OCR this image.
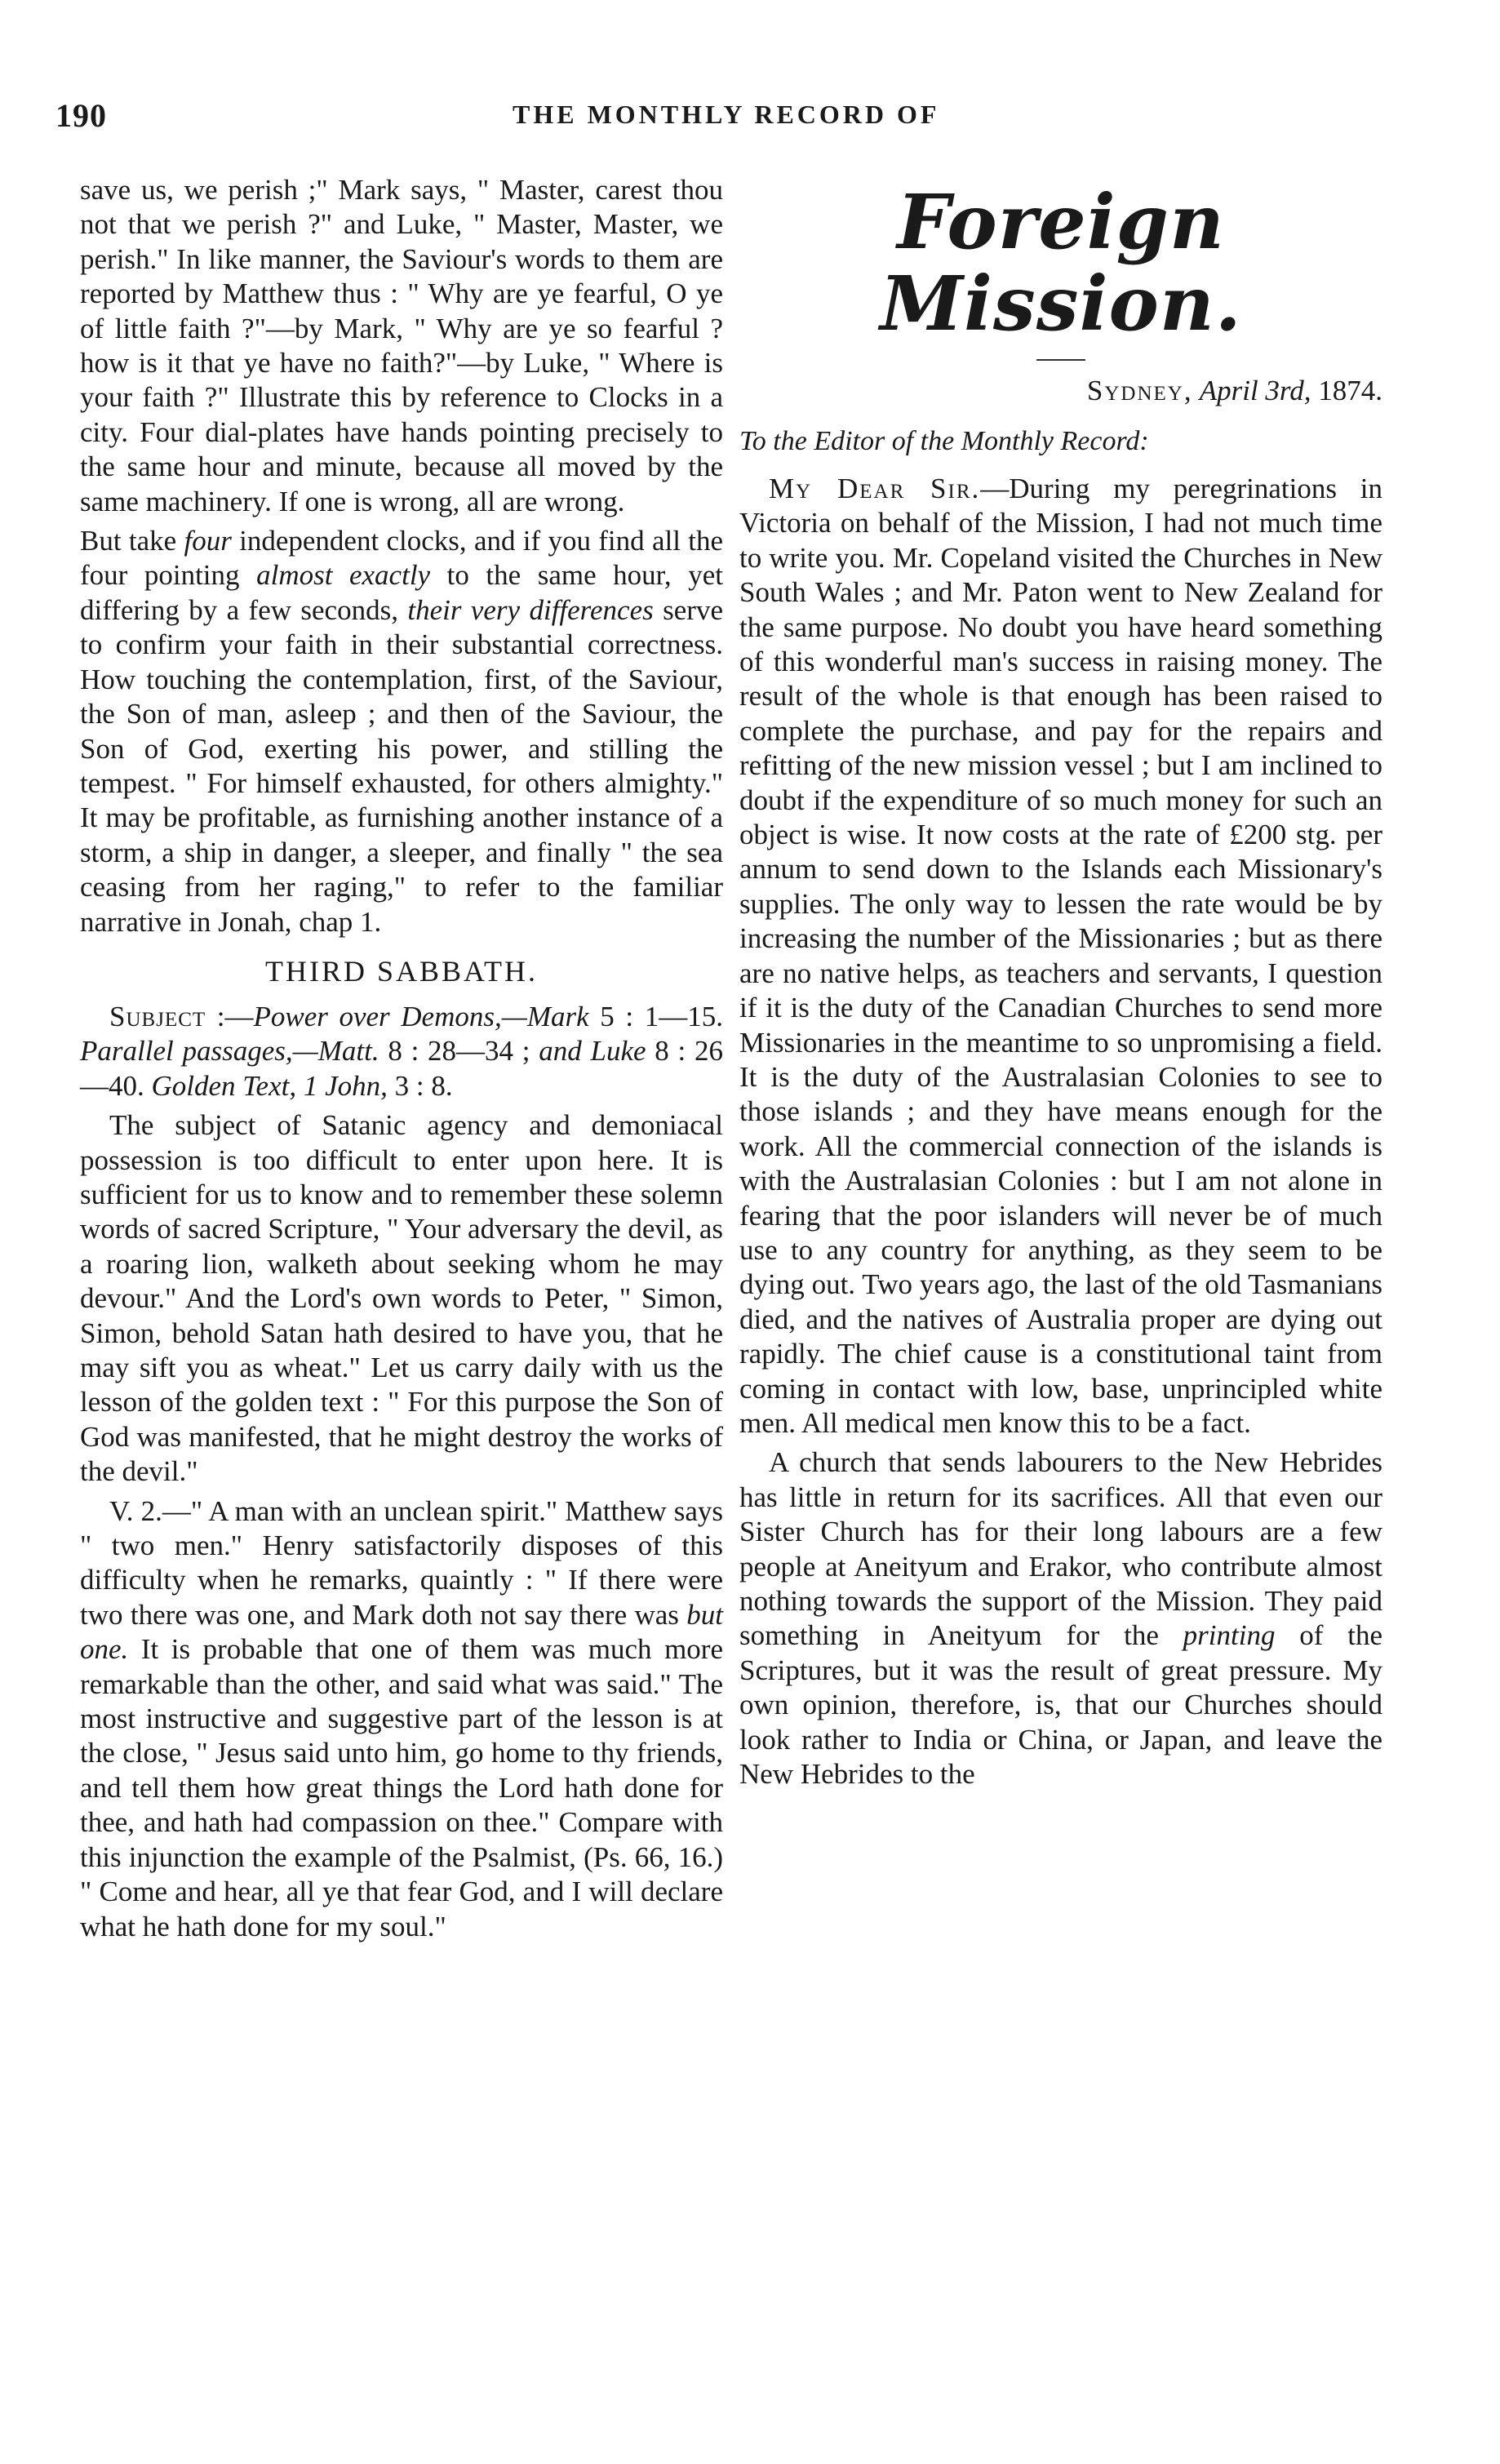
190	THE MONTHLY RECORD OF

save us, we perish ;" Mark says, " Master, carest thou not that we perish ?" and Luke, " Master, Master, we perish." In like manner, the Saviour's words to them are reported by Matthew thus : " Why are ye fearful, O ye of little faith ?"—by Mark, " Why are ye so fearful ? how is it that ye have no faith?"—by Luke, " Where is your faith ?" Illustrate this by reference to Clocks in a city. Four dial-plates have hands pointing precisely to the same hour and minute, because all moved by the same machinery. If one is wrong, all are wrong.

But take four independent clocks, and if you find all the four pointing almost exactly to the same hour, yet differing by a few seconds, their very differences serve to confirm your faith in their substantial correctness. How touching the contemplation, first, of the Saviour, the Son of man, asleep ; and then of the Saviour, the Son of God, exerting his power, and stilling the tempest. " For himself exhausted, for others almighty." It may be profitable, as furnishing another instance of a storm, a ship in danger, a sleeper, and finally " the sea ceasing from her raging," to refer to the familiar narrative in Jonah, chap 1.

THIRD SABBATH.

Subject :—Power over Demons,—Mark 5 : 1—15. Parallel passages,—Matt. 8 : 28—34 ; and Luke 8 : 26—40. Golden Text, 1 John, 3 : 8.

The subject of Satanic agency and demoniacal possession is too difficult to enter upon here. It is sufficient for us to know and to remember these solemn words of sacred Scripture, " Your adversary the devil, as a roaring lion, walketh about seeking whom he may devour." And the Lord's own words to Peter, " Simon, Simon, behold Satan hath desired to have you, that he may sift you as wheat." Let us carry daily with us the lesson of the golden text : " For this purpose the Son of God was manifested, that he might destroy the works of the devil."

V. 2.—" A man with an unclean spirit." Matthew says " two men." Henry satisfactorily disposes of this difficulty when he remarks, quaintly : " If there were two there was one, and Mark doth not say there was but one. It is probable that one of them was much more remarkable than the other, and said what was said." The most instructive and suggestive part of the lesson is at the close, " Jesus said unto him, go home to thy friends, and tell them how great things the Lord hath done for thee, and hath had compassion on thee." Compare with this injunction the example of the Psalmist, (Ps. 66, 16.) " Come and hear, all ye that fear God, and I will declare what he hath done for my soul."

Foreign Mission.
Sydney, April 3rd, 1874.
To the Editor of the Monthly Record:

My Dear Sir.—During my peregrinations in Victoria on behalf of the Mission, I had not much time to write you. Mr. Copeland visited the Churches in New South Wales ; and Mr. Paton went to New Zealand for the same purpose. No doubt you have heard something of this wonderful man's success in raising money. The result of the whole is that enough has been raised to complete the purchase, and pay for the repairs and refitting of the new mission vessel ; but I am inclined to doubt if the expenditure of so much money for such an object is wise. It now costs at the rate of £200 stg. per annum to send down to the Islands each Missionary's supplies. The only way to lessen the rate would be by increasing the number of the Missionaries ; but as there are no native helps, as teachers and servants, I question if it is the duty of the Canadian Churches to send more Missionaries in the meantime to so unpromising a field. It is the duty of the Australasian Colonies to see to those islands ; and they have means enough for the work. All the commercial connection of the islands is with the Australasian Colonies : but I am not alone in fearing that the poor islanders will never be of much use to any country for anything, as they seem to be dying out. Two years ago, the last of the old Tasmanians died, and the natives of Australia proper are dying out rapidly. The chief cause is a constitutional taint from coming in contact with low, base, unprincipled white men. All medical men know this to be a fact.

A church that sends labourers to the New Hebrides has little in return for its sacrifices. All that even our Sister Church has for their long labours are a few people at Aneityum and Erakor, who contribute almost nothing towards the support of the Mission. They paid something in Aneityum for the printing of the Scriptures, but it was the result of great pressure. My own opinion, therefore, is, that our Churches should look rather to India or China, or Japan, and leave the New Hebrides to the
